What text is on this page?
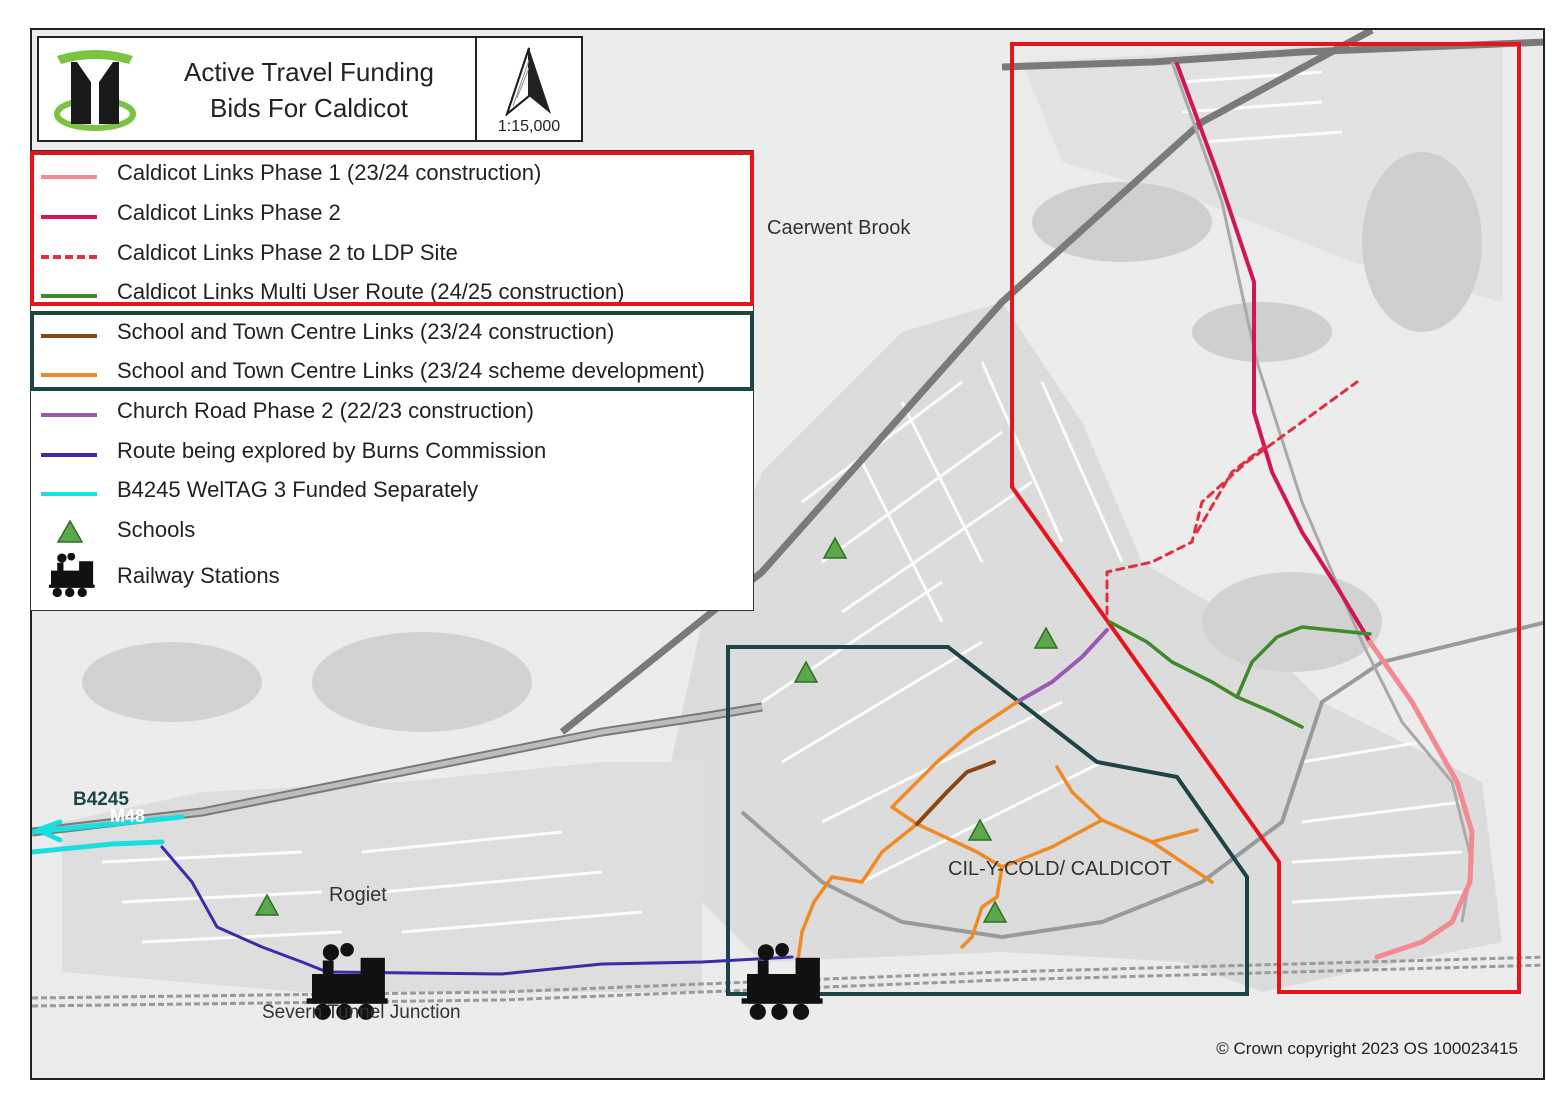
Caerwent Brook
Rogiet
CIL-Y-COLD/ CALDICOT
Severn Tunnel Junction
B4245
M48
Active Travel Funding
Bids For Caldicot
1:15,000
Caldicot Links Phase 1 (23/24 construction)
Caldicot Links Phase 2
Caldicot Links Phase 2 to LDP Site
Caldicot Links Multi User Route (24/25 construction)
School and Town Centre Links (23/24 construction)
School and Town Centre Links (23/24 scheme development)
Church Road Phase 2 (22/23 construction)
Route being explored by Burns Commission
B4245 WelTAG 3 Funded Separately
Schools
Railway Stations
© Crown copyright 2023 OS 100023415
